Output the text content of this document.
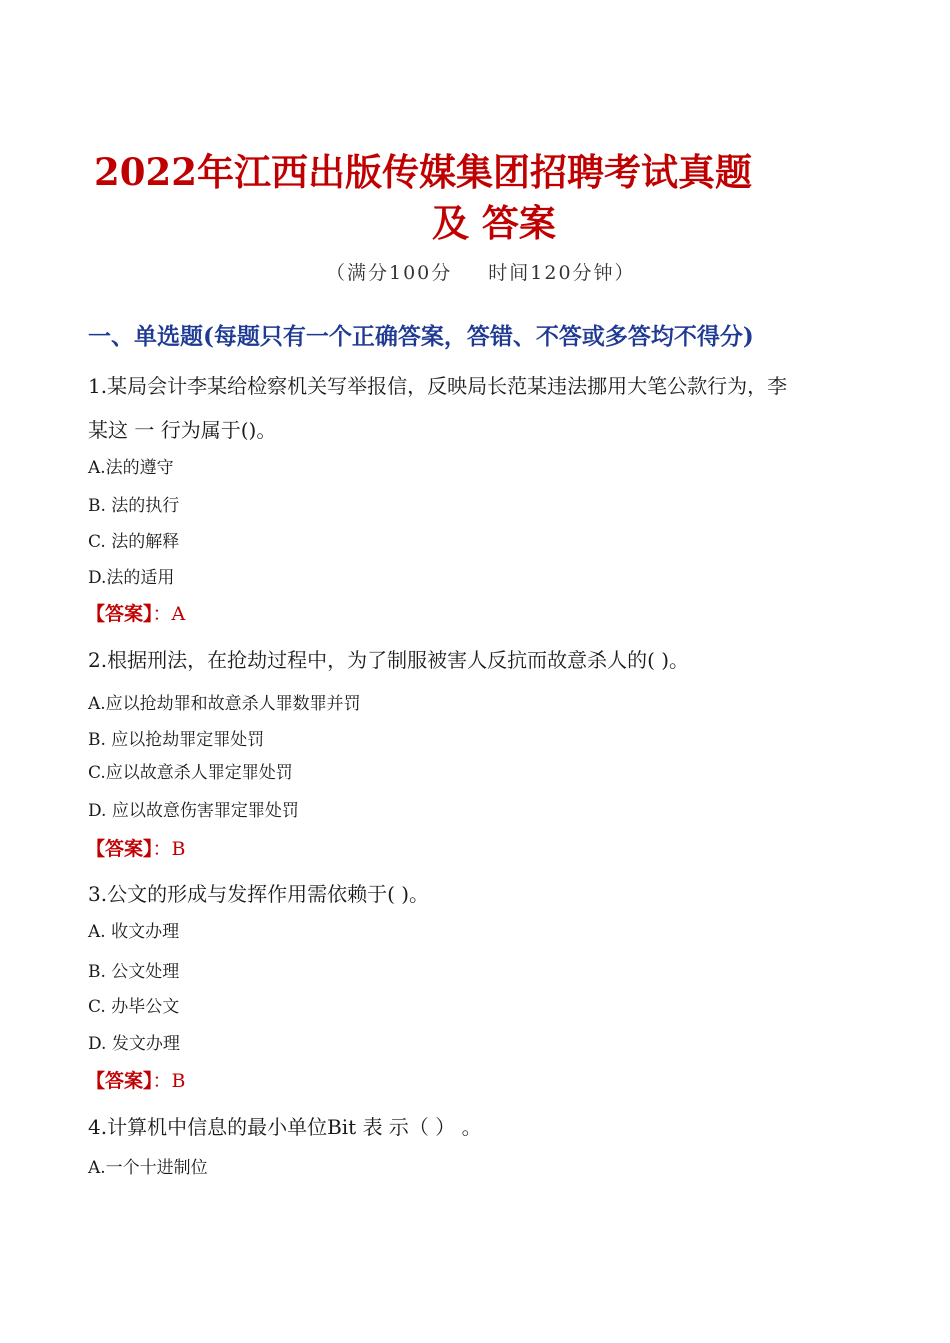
2022年江西出版传媒集团招聘考试真题
及 答案
（满分100分 时间120分钟）
一、单选题(每题只有一个正确答案，答错、不答或多答均不得分)
1.某局会计李某给检察机关写举报信，反映局长范某违法挪用大笔公款行为，李
某这 一 行为属于()。
A.法的遵守
B. 法的执行
C. 法的解释
D.法的适用
【答案】：A
2.根据刑法，在抢劫过程中，为了制服被害人反抗而故意杀人的( )。
A.应以抢劫罪和故意杀人罪数罪并罚
B. 应以抢劫罪定罪处罚
C.应以故意杀人罪定罪处罚
D. 应以故意伤害罪定罪处罚
【答案】：B
3.公文的形成与发挥作用需依赖于( )。
A. 收文办理
B. 公文处理
C. 办毕公文
D. 发文办理
【答案】：B
4.计算机中信息的最小单位Bit 表 示（ ） 。
A.一个十进制位
